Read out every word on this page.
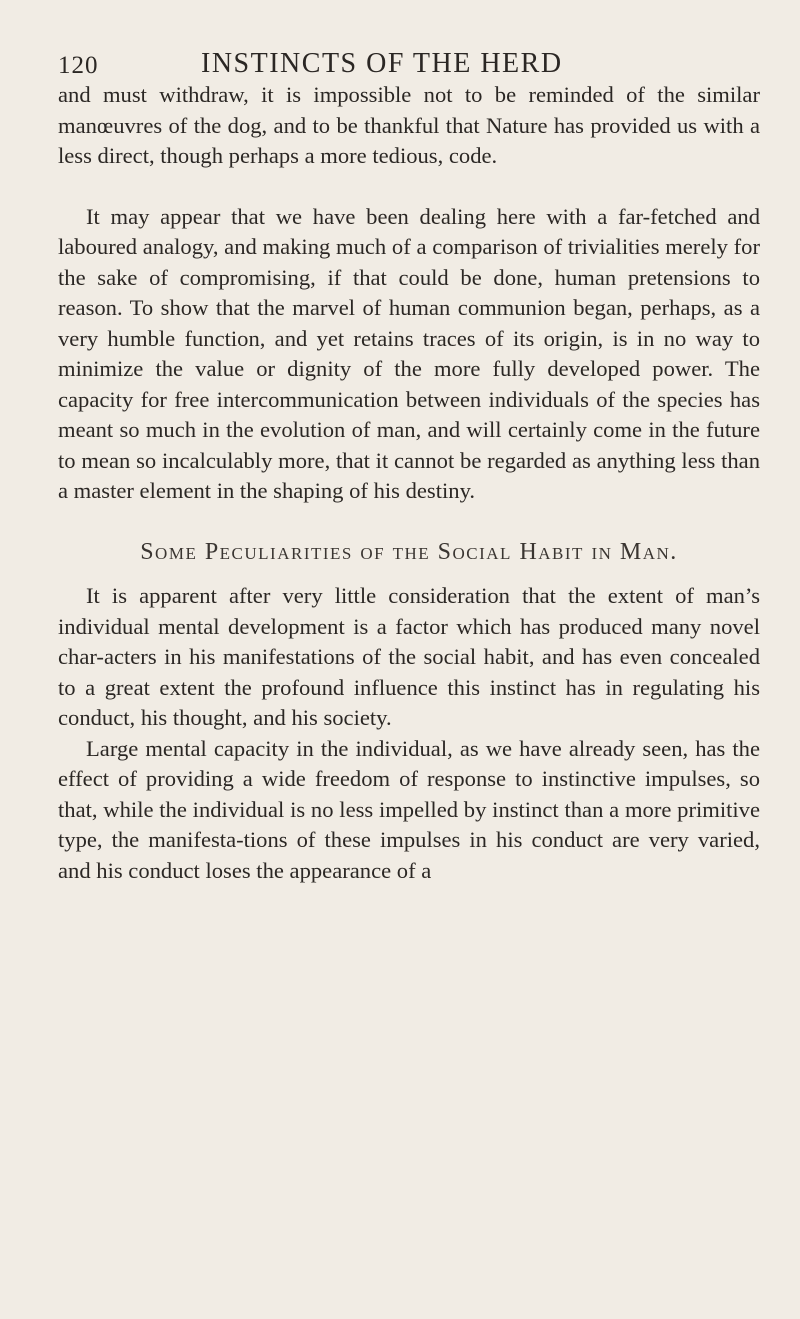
120	INSTINCTS OF THE HERD

and must withdraw, it is impossible not to be reminded of the similar manœuvres of the dog, and to be thankful that Nature has provided us with a less direct, though perhaps a more tedious, code.

It may appear that we have been dealing here with a far-fetched and laboured analogy, and making much of a comparison of trivialities merely for the sake of compromising, if that could be done, human pretensions to reason. To show that the marvel of human communion began, perhaps, as a very humble function, and yet retains traces of its origin, is in no way to minimize the value or dignity of the more fully developed power. The capacity for free intercommunication between individuals of the species has meant so much in the evolution of man, and will certainly come in the future to mean so incalculably more, that it cannot be regarded as anything less than a master element in the shaping of his destiny.

Some Peculiarities of the Social Habit in Man.

It is apparent after very little consideration that the extent of man’s individual mental development is a factor which has produced many novel char-acters in his manifestations of the social habit, and has even concealed to a great extent the profound influence this instinct has in regulating his conduct, his thought, and his society.

Large mental capacity in the individual, as we have already seen, has the effect of providing a wide freedom of response to instinctive impulses, so that, while the individual is no less impelled by instinct than a more primitive type, the manifesta-tions of these impulses in his conduct are very varied, and his conduct loses the appearance of a
